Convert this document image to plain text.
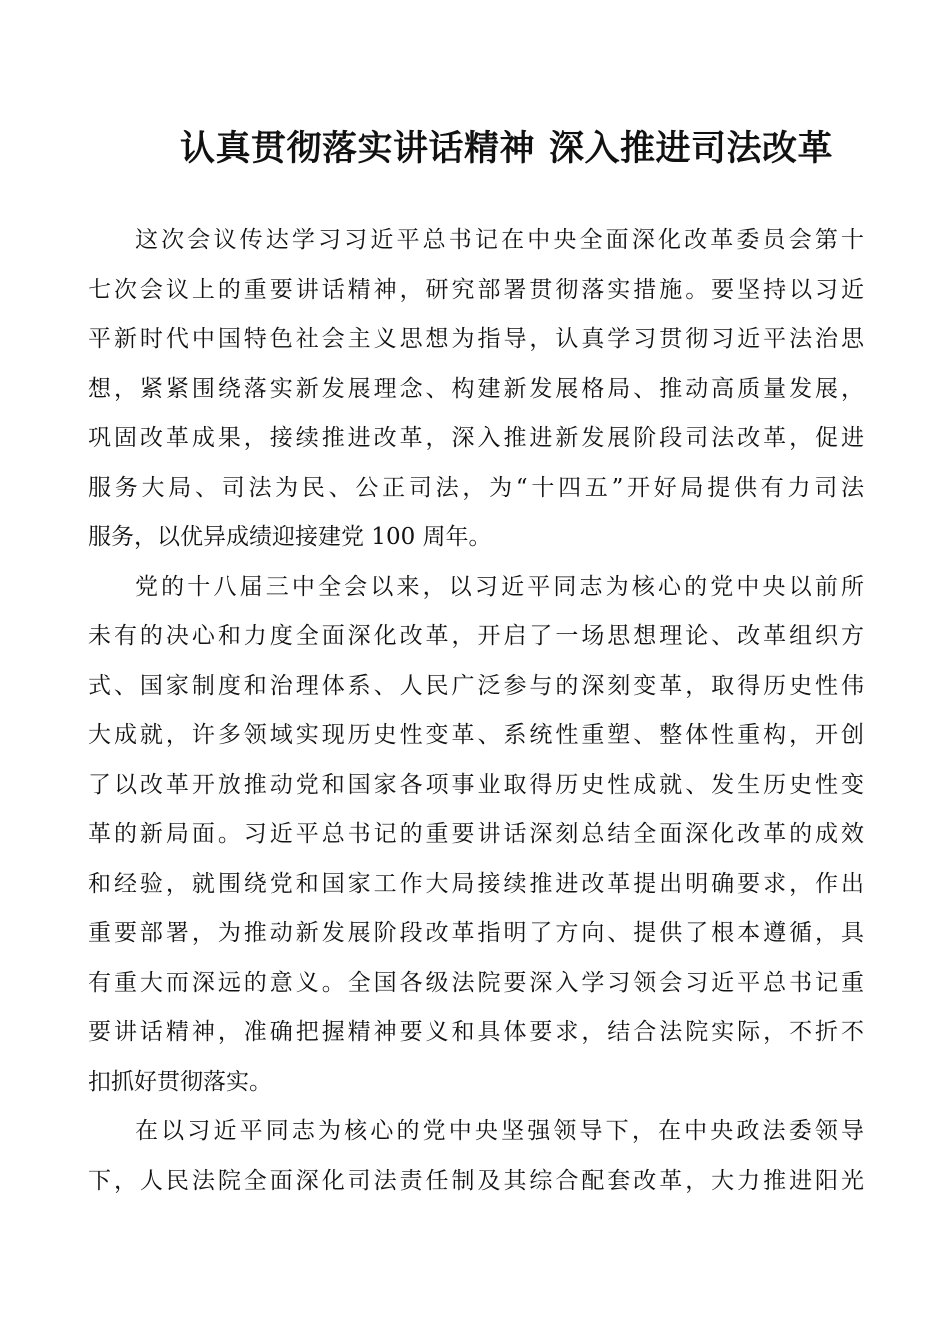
认真贯彻落实讲话精神 深入推进司法改革
这次会议传达学习习近平总书记在中央全面深化改革委员会第十
七次会议上的重要讲话精神，研究部署贯彻落实措施。要坚持以习近
平新时代中国特色社会主义思想为指导，认真学习贯彻习近平法治思
想，紧紧围绕落实新发展理念、构建新发展格局、推动高质量发展，
巩固改革成果，接续推进改革，深入推进新发展阶段司法改革，促进
服务大局、司法为民、公正司法，为“十四五”开好局提供有力司法
服务，以优异成绩迎接建党 100 周年。
党的十八届三中全会以来，以习近平同志为核心的党中央以前所
未有的决心和力度全面深化改革，开启了一场思想理论、改革组织方
式、国家制度和治理体系、人民广泛参与的深刻变革，取得历史性伟
大成就，许多领域实现历史性变革、系统性重塑、整体性重构，开创
了以改革开放推动党和国家各项事业取得历史性成就、发生历史性变
革的新局面。习近平总书记的重要讲话深刻总结全面深化改革的成效
和经验，就围绕党和国家工作大局接续推进改革提出明确要求，作出
重要部署，为推动新发展阶段改革指明了方向、提供了根本遵循，具
有重大而深远的意义。全国各级法院要深入学习领会习近平总书记重
要讲话精神，准确把握精神要义和具体要求，结合法院实际，不折不
扣抓好贯彻落实。
在以习近平同志为核心的党中央坚强领导下，在中央政法委领导
下，人民法院全面深化司法责任制及其综合配套改革，大力推进阳光
